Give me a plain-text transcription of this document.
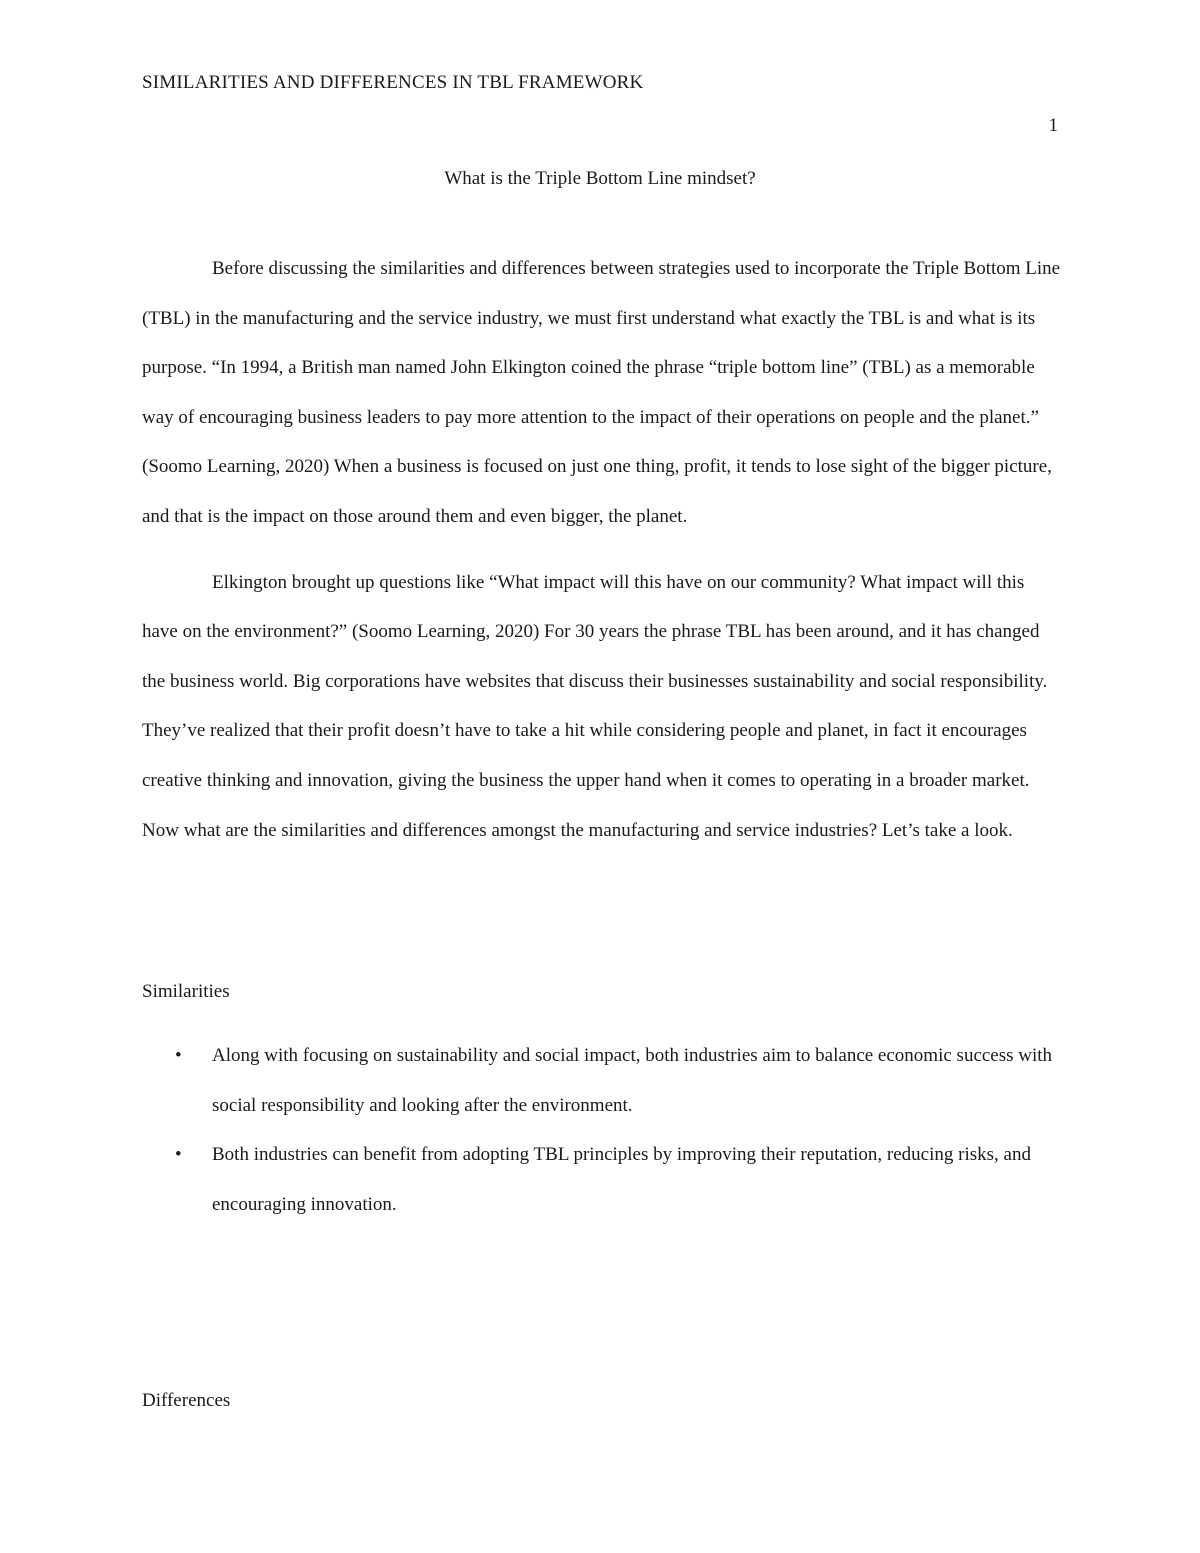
SIMILARITIES AND DIFFERENCES IN TBL FRAMEWORK
1
What is the Triple Bottom Line mindset?

Before discussing the similarities and differences between strategies used to incorporate the Triple Bottom Line (TBL) in the manufacturing and the service industry, we must first understand what exactly the TBL is and what is its purpose. “In 1994, a British man named John Elkington coined the phrase “triple bottom line” (TBL) as a memorable way of encouraging business leaders to pay more attention to the impact of their operations on people and the planet.” (Soomo Learning, 2020) When a business is focused on just one thing, profit, it tends to lose sight of the bigger picture, and that is the impact on those around them and even bigger, the planet.

Elkington brought up questions like “What impact will this have on our community? What impact will this have on the environment?” (Soomo Learning, 2020) For 30 years the phrase TBL has been around, and it has changed the business world. Big corporations have websites that discuss their businesses sustainability and social responsibility. They’ve realized that their profit doesn’t have to take a hit while considering people and planet, in fact it encourages creative thinking and innovation, giving the business the upper hand when it comes to operating in a broader market. Now what are the similarities and differences amongst the manufacturing and service industries? Let’s take a look.

Similarities
• Along with focusing on sustainability and social impact, both industries aim to balance economic success with social responsibility and looking after the environment.
• Both industries can benefit from adopting TBL principles by improving their reputation, reducing risks, and encouraging innovation.
Differences
